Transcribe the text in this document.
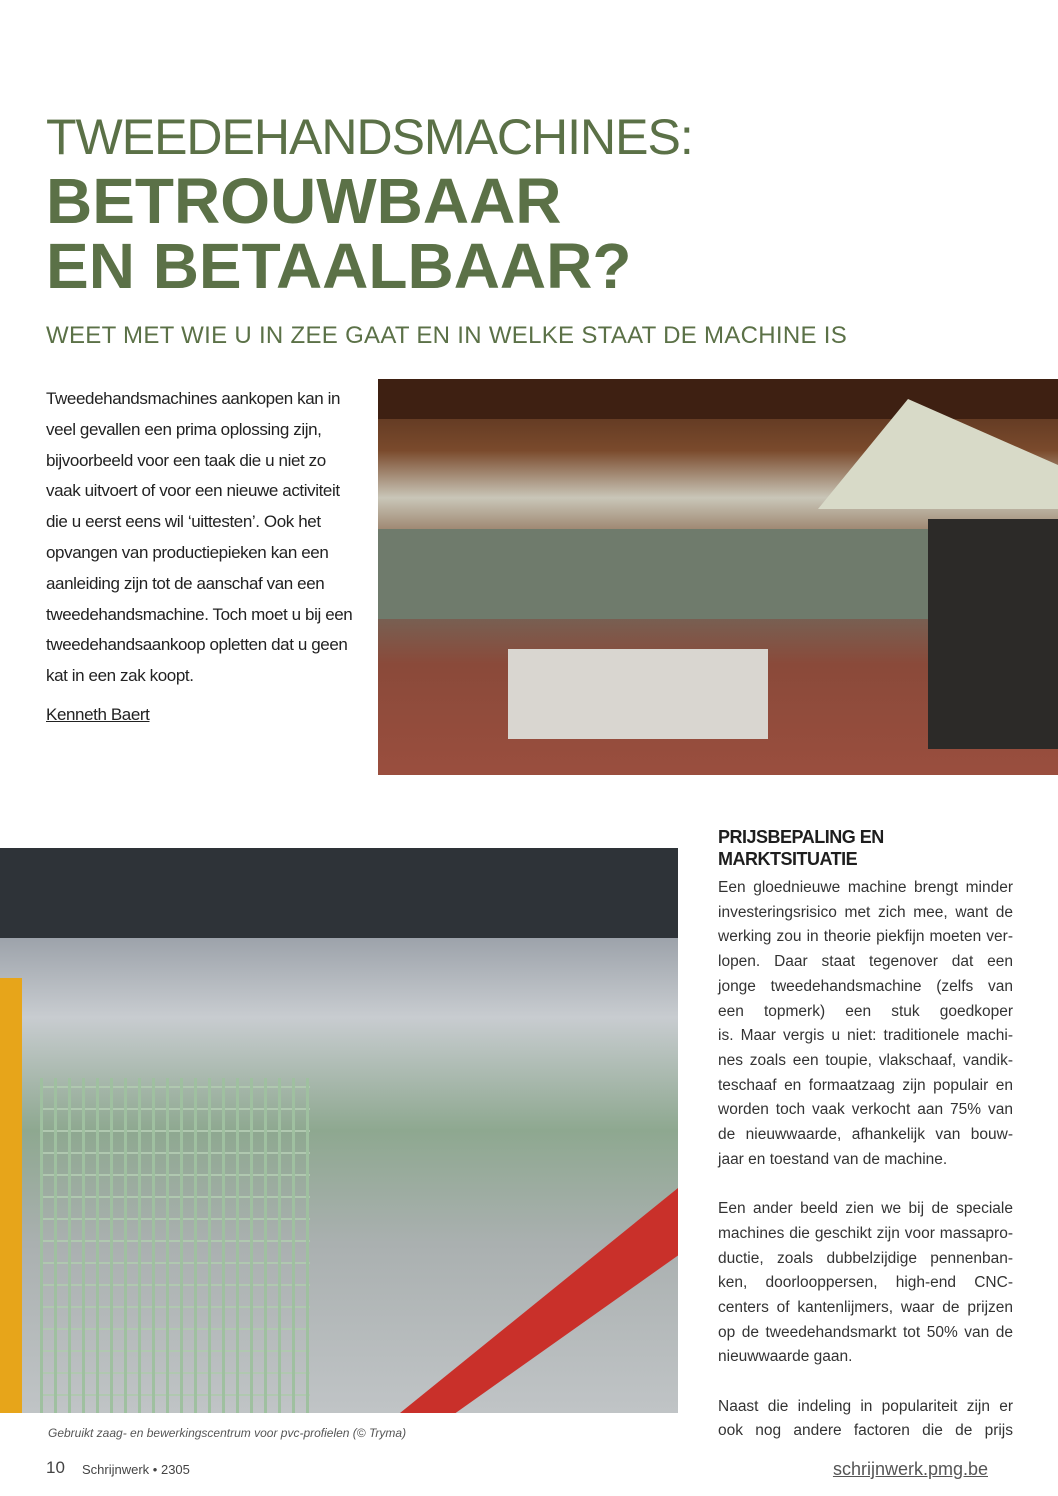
TWEEDEHANDSMACHINES:
BETROUWBAAR
EN BETAALBAAR?
WEET MET WIE U IN ZEE GAAT EN IN WELKE STAAT DE MACHINE IS
Tweedehandsmachines aankopen kan in veel gevallen een prima oplossing zijn, bijvoorbeeld voor een taak die u niet zo vaak uitvoert of voor een nieuwe activiteit die u eerst eens wil ‘uittesten’. Ook het opvangen van productiepieken kan een aanleiding zijn tot de aanschaf van een tweedehandsmachine. Toch moet u bij een tweedehandsaankoop opletten dat u geen kat in een zak koopt.
Kenneth Baert
PRIJSBEPALING EN
MARKTSITUATIE
Een gloednieuwe machine brengt minder
investeringsrisico met zich mee, want de
werking zou in theorie piekfijn moeten ver-
lopen. Daar staat tegenover dat een
jonge tweedehandsmachine (zelfs van
een topmerk) een stuk goedkoper
is. Maar vergis u niet: traditionele machi-
nes zoals een toupie, vlakschaaf, vandik-
teschaaf en formaatzaag zijn populair en
worden toch vaak verkocht aan 75% van
de nieuwwaarde, afhankelijk van bouw-
jaar en toestand van de machine.
Een ander beeld zien we bij de speciale
machines die geschikt zijn voor massapro-
ductie, zoals dubbelzijdige pennenban-
ken, doorlooppersen, high-end CNC-
centers of kantenlijmers, waar de prijzen
op de tweedehandsmarkt tot 50% van de
nieuwwaarde gaan.
Naast die indeling in populariteit zijn er
ook nog andere factoren die de prijs
Gebruikt zaag- en bewerkingscentrum voor pvc-profielen (© Tryma)
10 Schrijnwerk • 2305	schrijnwerk.pmg.be
